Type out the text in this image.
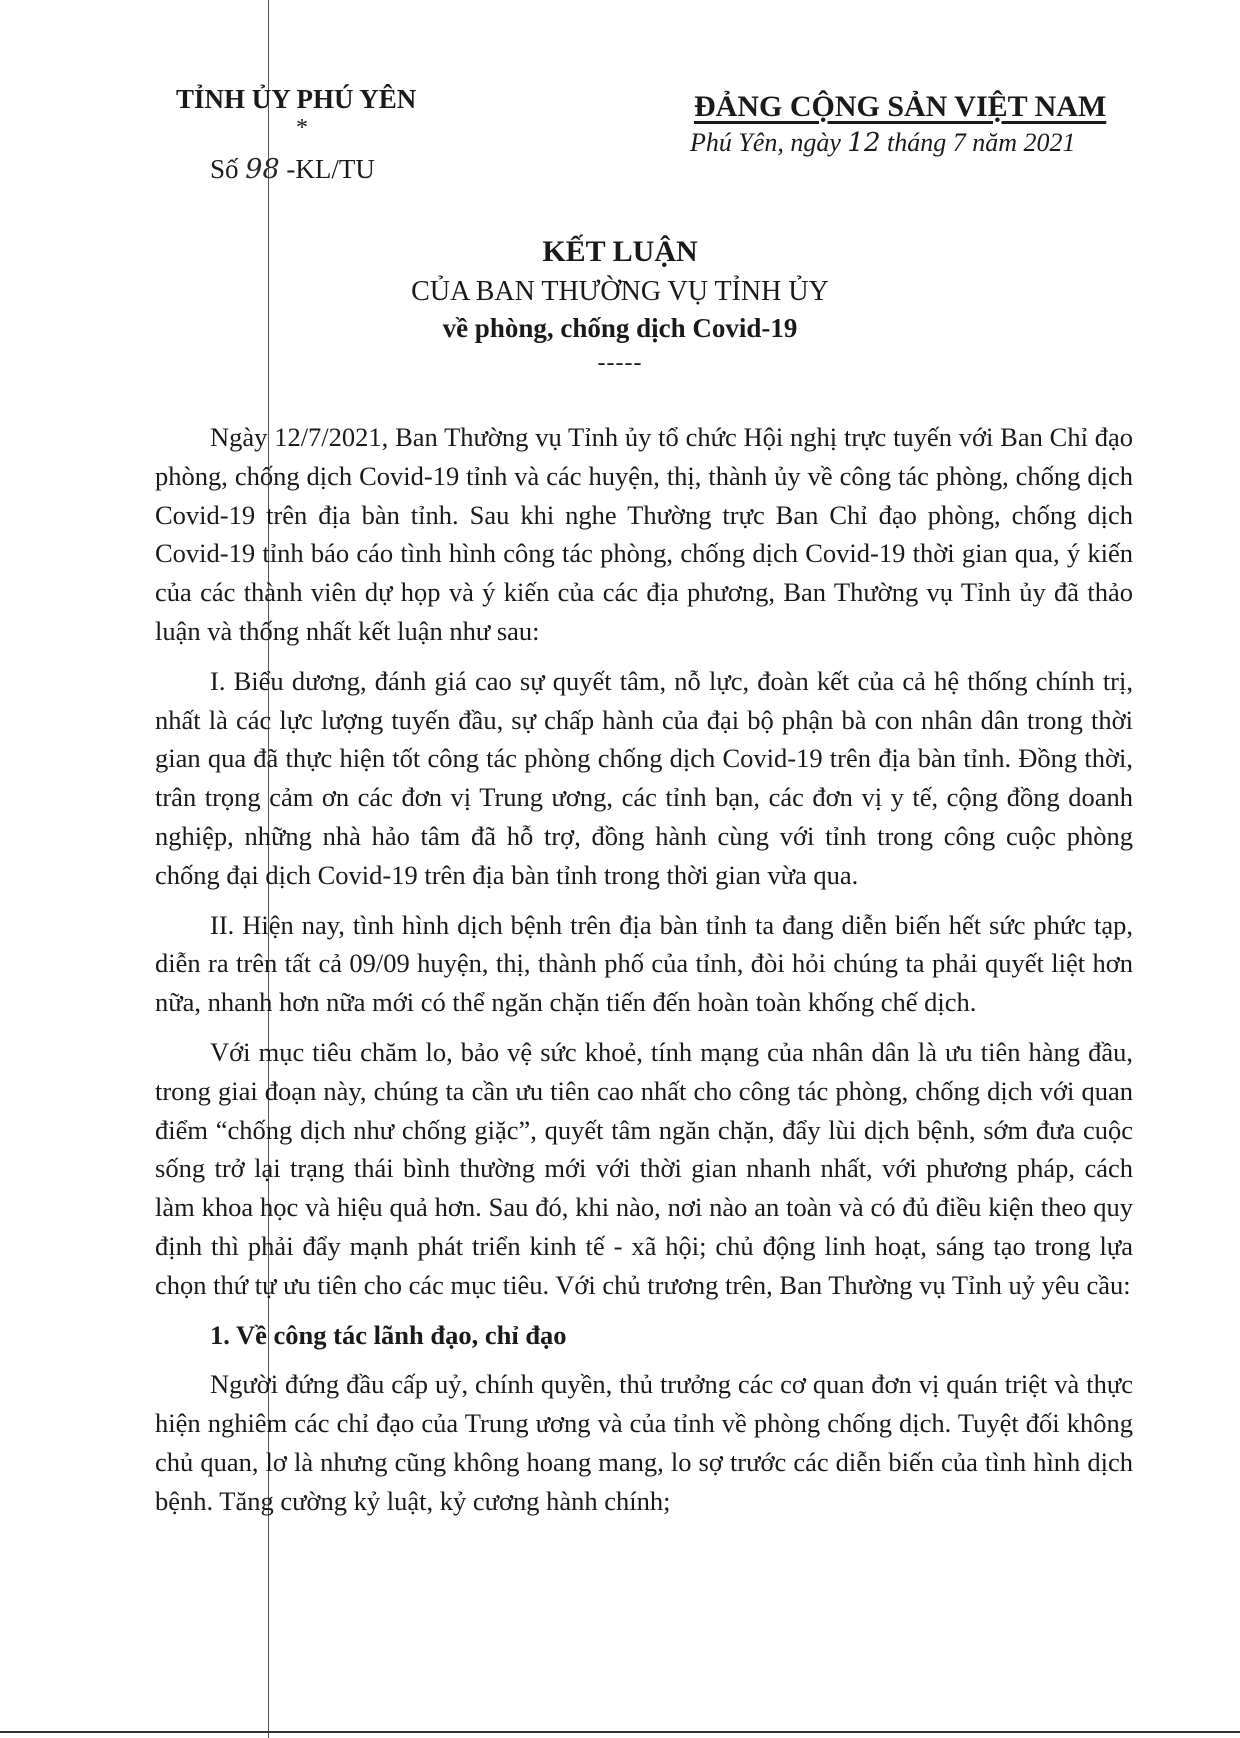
TỈNH ỦY PHÚ YÊN
*
Số 98 -KL/TU
ĐẢNG CỘNG SẢN VIỆT NAM
Phú Yên, ngày 12 tháng 7 năm 2021
KẾT LUẬN
CỦA BAN THƯỜNG VỤ TỈNH ỦY
về phòng, chống dịch Covid-19
-----

Ngày 12/7/2021, Ban Thường vụ Tỉnh ủy tổ chức Hội nghị trực tuyến với Ban Chỉ đạo phòng, chống dịch Covid-19 tỉnh và các huyện, thị, thành ủy về công tác phòng, chống dịch Covid-19 trên địa bàn tỉnh. Sau khi nghe Thường trực Ban Chỉ đạo phòng, chống dịch Covid-19 tỉnh báo cáo tình hình công tác phòng, chống dịch Covid-19 thời gian qua, ý kiến của các thành viên dự họp và ý kiến của các địa phương, Ban Thường vụ Tỉnh ủy đã thảo luận và thống nhất kết luận như sau:

I. Biểu dương, đánh giá cao sự quyết tâm, nỗ lực, đoàn kết của cả hệ thống chính trị, nhất là các lực lượng tuyến đầu, sự chấp hành của đại bộ phận bà con nhân dân trong thời gian qua đã thực hiện tốt công tác phòng chống dịch Covid-19 trên địa bàn tỉnh. Đồng thời, trân trọng cảm ơn các đơn vị Trung ương, các tỉnh bạn, các đơn vị y tế, cộng đồng doanh nghiệp, những nhà hảo tâm đã hỗ trợ, đồng hành cùng với tỉnh trong công cuộc phòng chống đại dịch Covid-19 trên địa bàn tỉnh trong thời gian vừa qua.

II. Hiện nay, tình hình dịch bệnh trên địa bàn tỉnh ta đang diễn biến hết sức phức tạp, diễn ra trên tất cả 09/09 huyện, thị, thành phố của tỉnh, đòi hỏi chúng ta phải quyết liệt hơn nữa, nhanh hơn nữa mới có thể ngăn chặn tiến đến hoàn toàn khống chế dịch.

Với mục tiêu chăm lo, bảo vệ sức khoẻ, tính mạng của nhân dân là ưu tiên hàng đầu, trong giai đoạn này, chúng ta cần ưu tiên cao nhất cho công tác phòng, chống dịch với quan điểm “chống dịch như chống giặc”, quyết tâm ngăn chặn, đẩy lùi dịch bệnh, sớm đưa cuộc sống trở lại trạng thái bình thường mới với thời gian nhanh nhất, với phương pháp, cách làm khoa học và hiệu quả hơn. Sau đó, khi nào, nơi nào an toàn và có đủ điều kiện theo quy định thì phải đẩy mạnh phát triển kinh tế - xã hội; chủ động linh hoạt, sáng tạo trong lựa chọn thứ tự ưu tiên cho các mục tiêu. Với chủ trương trên, Ban Thường vụ Tỉnh uỷ yêu cầu:

1. Về công tác lãnh đạo, chỉ đạo

Người đứng đầu cấp uỷ, chính quyền, thủ trưởng các cơ quan đơn vị quán triệt và thực hiện nghiêm các chỉ đạo của Trung ương và của tỉnh về phòng chống dịch. Tuyệt đối không chủ quan, lơ là nhưng cũng không hoang mang, lo sợ trước các diễn biến của tình hình dịch bệnh. Tăng cường kỷ luật, kỷ cương hành chính;
